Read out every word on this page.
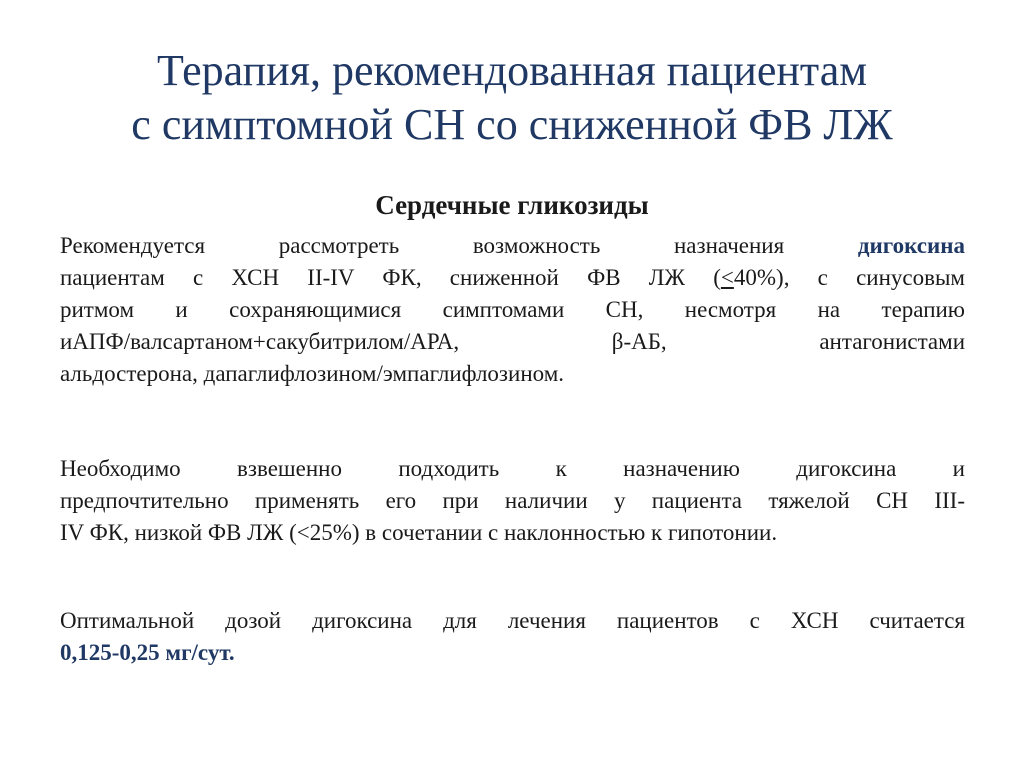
Терапия, рекомендованная пациентам
с симптомной СН со сниженной ФВ ЛЖ
Сердечные гликозиды
Рекомендуется рассмотреть возможность назначения дигоксина
пациентам с ХСН II-IV ФК, сниженной ФВ ЛЖ (≤40%), с синусовым
ритмом и сохраняющимися симптомами СН, несмотря на терапию
иАПФ/валсартаном+сакубитрилом/АРА, β-АБ, антагонистами
альдостерона, дапаглифлозином/эмпаглифлозином.
Необходимо взвешенно подходить к назначению дигоксина и
предпочтительно применять его при наличии у пациента тяжелой СН III-
IV ФК, низкой ФВ ЛЖ (<25%) в сочетании с наклонностью к гипотонии.
Оптимальной дозой дигоксина для лечения пациентов с ХСН считается
0,125-0,25 мг/сут.
